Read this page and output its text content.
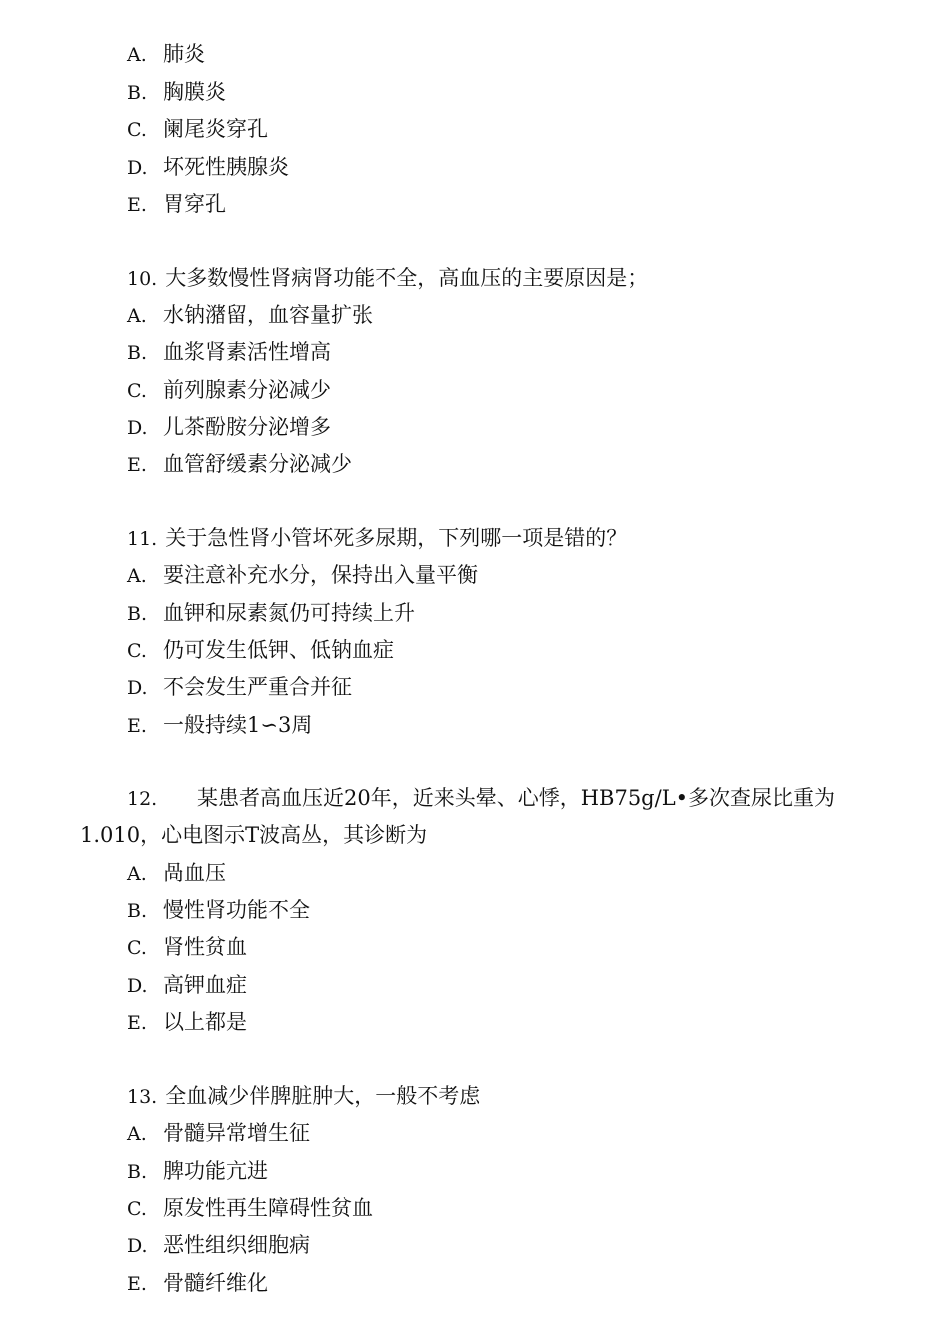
A. 肺炎
B. 胸膜炎
C. 阑尾炎穿孔
D. 坏死性胰腺炎
E. 胃穿孔
10. 大多数慢性肾病肾功能不全，高血压的主要原因是；
A. 水钠潴留，血容量扩张
B. 血浆肾素活性增高
C. 前列腺素分泌减少
D. 儿茶酚胺分泌增多
E. 血管舒缓素分泌减少
11. 关于急性肾小管坏死多尿期，下列哪一项是错的？
A. 要注意补充水分，保持出入量平衡
B. 血钾和尿素氮仍可持续上升
C. 仍可发生低钾、低钠血症
D. 不会发生严重合并征
E. 一般持续1∽3周
12. 某患者高血压近20年，近来头晕、心悸，HB75g/L•多次查尿比重为
1.010，心电图示T波高丛，其诊断为
A. 咼血压
B. 慢性肾功能不全
C. 肾性贫血
D. 高钾血症
E. 以上都是
13. 全血减少伴脾脏肿大，一般不考虑
A. 骨髓异常增生征
B. 脾功能亢进
C. 原发性再生障碍性贫血
D. 恶性组织细胞病
E. 骨髓纤维化
